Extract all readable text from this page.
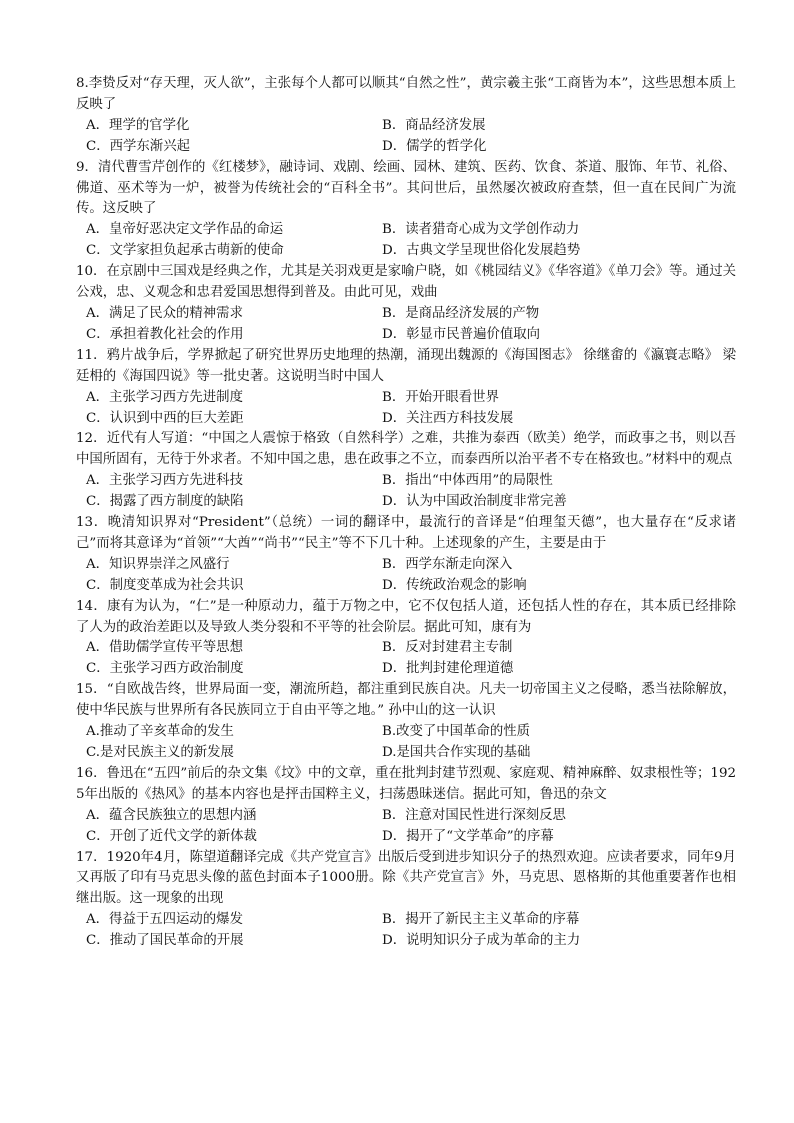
8.李贽反对“存天理，灭人欲”，主张每个人都可以顺其“自然之性”，黄宗羲主张“工商皆为本”，这些思想本质上反映了

A．理学的官学化	B．商品经济发展
C．西学东渐兴起	D．儒学的哲学化

9．清代曹雪芹创作的《红楼梦》，融诗词、戏剧、绘画、园林、建筑、医药、饮食、茶道、服饰、年节、礼俗、佛道、巫术等为一炉，被誉为传统社会的“百科全书”。其问世后，虽然屡次被政府查禁，但一直在民间广为流传。这反映了

A．皇帝好恶决定文学作品的命运	B．读者猎奇心成为文学创作动力
C．文学家担负起承古萌新的使命	D．古典文学呈现世俗化发展趋势

10．在京剧中三国戏是经典之作，尤其是关羽戏更是家喻户晓，如《桃园结义》《华容道》《单刀会》等。通过关公戏，忠、义观念和忠君爱国思想得到普及。由此可见，戏曲

A．满足了民众的精神需求	B．是商品经济发展的产物
C．承担着教化社会的作用	D．彰显市民普遍价值取向

11．鸦片战争后，学界掀起了研究世界历史地理的热潮，涌现出魏源的《海国图志》 徐继畬的《瀛寰志略》 梁廷枏的《海国四说》等一批史著。这说明当时中国人

A．主张学习西方先进制度	B．开始开眼看世界
C．认识到中西的巨大差距	D．关注西方科技发展

12．近代有人写道：“中国之人震惊于格致（自然科学）之难，共推为泰西（欧美）绝学，而政事之书，则以吾中国所固有，无待于外求者。不知中国之患，患在政事之不立，而泰西所以治平者不专在格致也。”材料中的观点

A．主张学习西方先进科技	B．指出“中体西用”的局限性
C．揭露了西方制度的缺陷	D．认为中国政治制度非常完善

13．晚清知识界对“President”（总统）一词的翻译中，最流行的音译是“伯理玺天德”，也大量存在“反求诸己”而将其意译为“首领”“大酋”“尚书”“民主”等不下几十种。上述现象的产生，主要是由于

A．知识界崇洋之风盛行	B．西学东渐走向深入
C．制度变革成为社会共识	D．传统政治观念的影响

14．康有为认为，“仁”是一种原动力，蕴于万物之中，它不仅包括人道，还包括人性的存在，其本质已经排除了人为的政治差距以及导致人类分裂和不平等的社会阶层。据此可知，康有为

A．借助儒学宣传平等思想	B．反对封建君主专制
C．主张学习西方政治制度	D．批判封建伦理道德

15．“自欧战告终，世界局面一变，潮流所趋，都注重到民族自决。凡夫一切帝国主义之侵略，悉当祛除解放，使中华民族与世界所有各民族同立于自由平等之地。” 孙中山的这一认识

A.推动了辛亥革命的发生	B.改变了中国革命的性质
C.是对民族主义的新发展	D.是国共合作实现的基础

16．鲁迅在“五四”前后的杂文集《坟》中的文章，重在批判封建节烈观、家庭观、精神麻醉、奴隶根性等；1925年出版的《热风》的基本内容也是抨击国粹主义，扫荡愚昧迷信。据此可知，鲁迅的杂文

A．蕴含民族独立的思想内涵	B．注意对国民性进行深刻反思
C．开创了近代文学的新体裁	D．揭开了“文学革命”的序幕

17．1920年4月，陈望道翻译完成《共产党宣言》出版后受到进步知识分子的热烈欢迎。应读者要求，同年9月又再版了印有马克思头像的蓝色封面本子1000册。除《共产党宣言》外，马克思、恩格斯的其他重要著作也相继出版。这一现象的出现

A．得益于五四运动的爆发	B．揭开了新民主主义革命的序幕
C．推动了国民革命的开展	D．说明知识分子成为革命的主力
